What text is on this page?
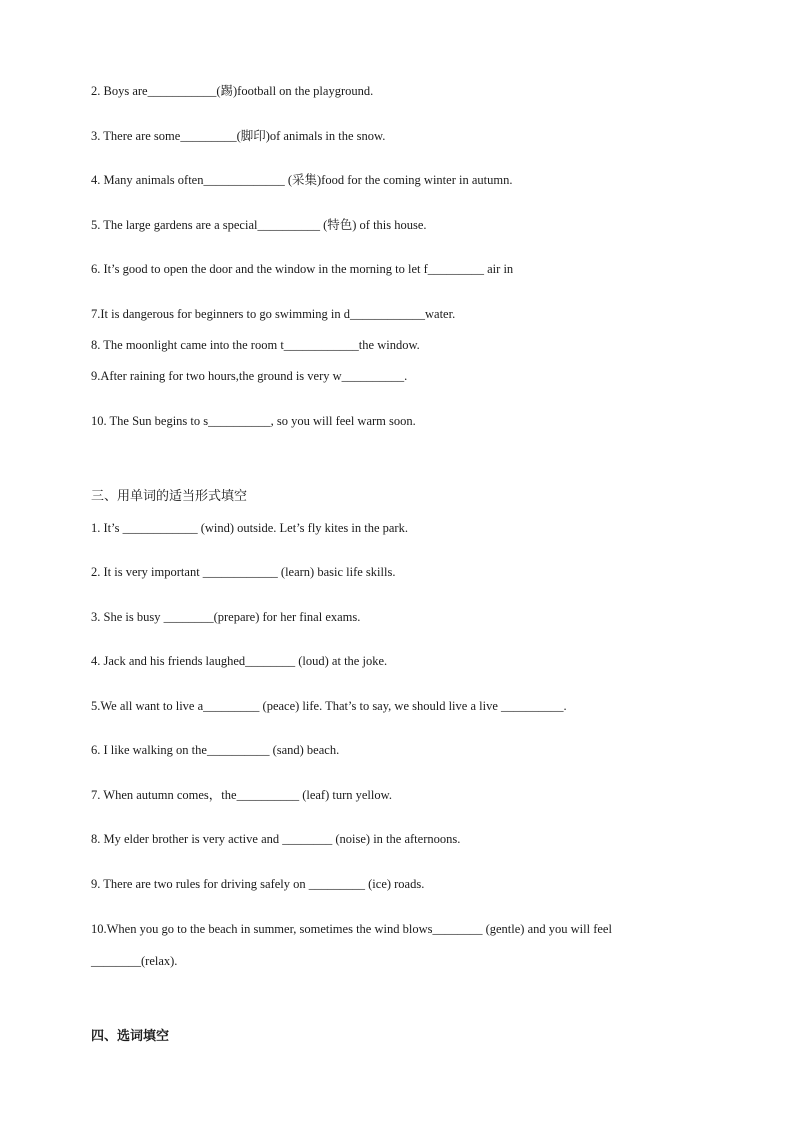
2. Boys are___________(踢)football on the playground.

3. There are some_________(脚印)of animals in the snow.

4. Many animals often_____________ (采集)food for the coming winter in autumn.

5. The large gardens are a special__________ (特色) of this house.

6. It’s good to open the door and the window in the morning to let f_________ air in

7.It is dangerous for beginners to go swimming in d____________water.

8. The moonlight came into the room t____________the window.

9.After raining for two hours,the ground is very w__________.

10. The Sun begins to s__________, so you will feel warm soon.

三、用单词的适当形式填空

1. It’s ____________ (wind) outside. Let’s fly kites in the park.

2. It is very important ____________ (learn) basic life skills.

3. She is busy ________(prepare) for her final exams.

4. Jack and his friends laughed________ (loud) at the joke.

5.We all want to live a_________ (peace) life. That’s to say, we should live a live __________.

6. I like walking on the__________ (sand) beach.

7. When autumn comes，the__________ (leaf) turn yellow.

8. My elder brother is very active and ________ (noise) in the afternoons.

9. There are two rules for driving safely on _________ (ice) roads.

10.When you go to the beach in summer, sometimes the wind blows________ (gentle) and you will feel

________(relax).

四、选词填空
